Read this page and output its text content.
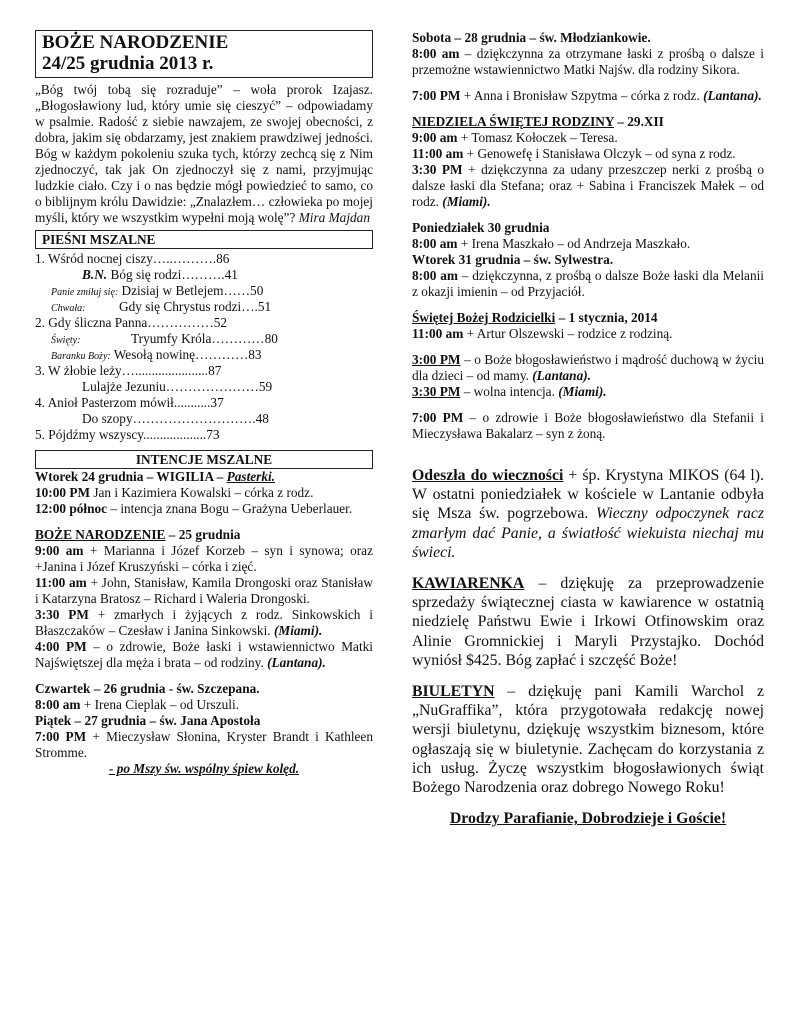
BOŻE NARODZENIE
24/25 grudnia 2013 r.

„Bóg twój tobą się rozraduje” – woła prorok Izajasz. „Błogosławiony lud, który umie się cieszyć” – odpowiadamy w psalmie. Radość z siebie nawzajem, ze swojej obecności, z dobra, jakim się obdarzamy, jest znakiem prawdziwej jedności. Bóg w każdym pokoleniu szuka tych, którzy zechcą się z Nim zjednoczyć, tak jak On zjednoczył się z nami, przyjmując ludzkie ciało. Czy i o nas będzie mógł powiedzieć to samo, co o biblijnym królu Dawidzie: „Znalazłem… człowieka po mojej myśli, który we wszystkim wypełni moją wolę”? Mira Majdan

PIEŚNI MSZALNE
1. Wśród nocnej ciszy…..……….86
B.N. Bóg się rodzi……….41
Panie zmiłuj się: Dzisiaj w Betlejem……50
Chwała:	Gdy się Chrystus rodzi….51
2. Gdy śliczna Panna……………52
Święty:	Tryumfy Króla…………80
Baranku Boży: Wesołą nowinę…………83
3. W żłobie leży…......................87
Lulajże Jezuniu…………………59
4. Anioł Pasterzom mówił...........37
Do szopy……………………….48
5. Pójdźmy wszyscy...................73
INTENCJE MSZALNE

Wtorek 24 grudnia – WIGILIA – Pasterki.

10:00 PM Jan i Kazimiera Kowalski – córka z rodz.

12:00 północ – intencja znana Bogu – Grażyna Ueberlauer.

BOŻE NARODZENIE – 25 grudnia

9:00 am + Marianna i Józef Korzeb – syn i synowa; oraz +Janina i Józef Kruszyński – córka i zięć.

11:00 am + John, Stanisław, Kamila Drongoski oraz Stanisław i Katarzyna Bratosz – Richard i Waleria Drongoski.

3:30 PM + zmarłych i żyjących z rodz. Sinkowskich i Błaszczaków – Czesław i Janina Sinkowski. (Miami).

4:00 PM – o zdrowie, Boże łaski i wstawiennictwo Matki Najświętszej dla męża i brata – od rodziny. (Lantana).

Czwartek – 26 grudnia - św. Szczepana.

8:00 am + Irena Cieplak – od Urszuli.

Piątek – 27 grudnia – św. Jana Apostoła

7:00 PM + Mieczysław Słonina, Kryster Brandt i Kathleen Stromme.

- po Mszy św. wspólny śpiew kolęd.

Sobota – 28 grudnia – św. Młodziankowie.

8:00 am – dziękczynna za otrzymane łaski z prośbą o dalsze i przemożne wstawiennictwo Matki Najśw. dla rodziny Sikora.

7:00 PM + Anna i Bronisław Szpytma – córka z rodz. (Lantana).

NIEDZIELA ŚWIĘTEJ RODZINY – 29.XII

9:00 am + Tomasz Kołoczek – Teresa.

11:00 am + Genowefę i Stanisława Olczyk – od syna z rodz.

3:30 PM + dziękczynna za udany przeszczep nerki z prośbą o dalsze łaski dla Stefana; oraz + Sabina i Franciszek Małek – od rodz. (Miami).

Poniedziałek 30 grudnia

8:00 am + Irena Maszkało – od Andrzeja Maszkało.

Wtorek 31 grudnia – św. Sylwestra.

8:00 am – dziękczynna, z prośbą o dalsze Boże łaski dla Melanii z okazji imienin – od Przyjaciół.

Świętej Bożej Rodzicielki – 1 stycznia, 2014

11:00 am + Artur Olszewski – rodzice z rodziną.

3:00 PM – o Boże błogosławieństwo i mądrość duchową w życiu dla dzieci – od mamy. (Lantana).

3:30 PM – wolna intencja. (Miami).

7:00 PM – o zdrowie i Boże błogosławieństwo dla Stefanii i Mieczysława Bakalarz – syn z żoną.

Odeszła do wieczności + śp. Krystyna MIKOS (64 l). W ostatni poniedziałek w kościele w Lantanie odbyła się Msza św. pogrzebowa. Wieczny odpoczynek racz zmarłym dać Panie, a światłość wiekuista niechaj mu świeci.

KAWIARENKA – dziękuję za przeprowadzenie sprzedaży świątecznej ciasta w kawiarence w ostatnią niedzielę Państwu Ewie i Irkowi Otfinowskim oraz Alinie Gromnickiej i Maryli Przystajko. Dochód wyniósł $425. Bóg zapłać i szczęść Boże!

BIULETYN – dziękuję pani Kamili Warchol z „NuGraffika”, która przygotowała redakcję nowej wersji biuletynu, dziękuję wszystkim biznesom, które ogłaszają się w biuletynie. Zachęcam do korzystania z ich usług. Życzę wszystkim błogosławionych świąt Bożego Narodzenia oraz dobrego Nowego Roku!

Drodzy Parafianie, Dobrodzieje i Goście!
